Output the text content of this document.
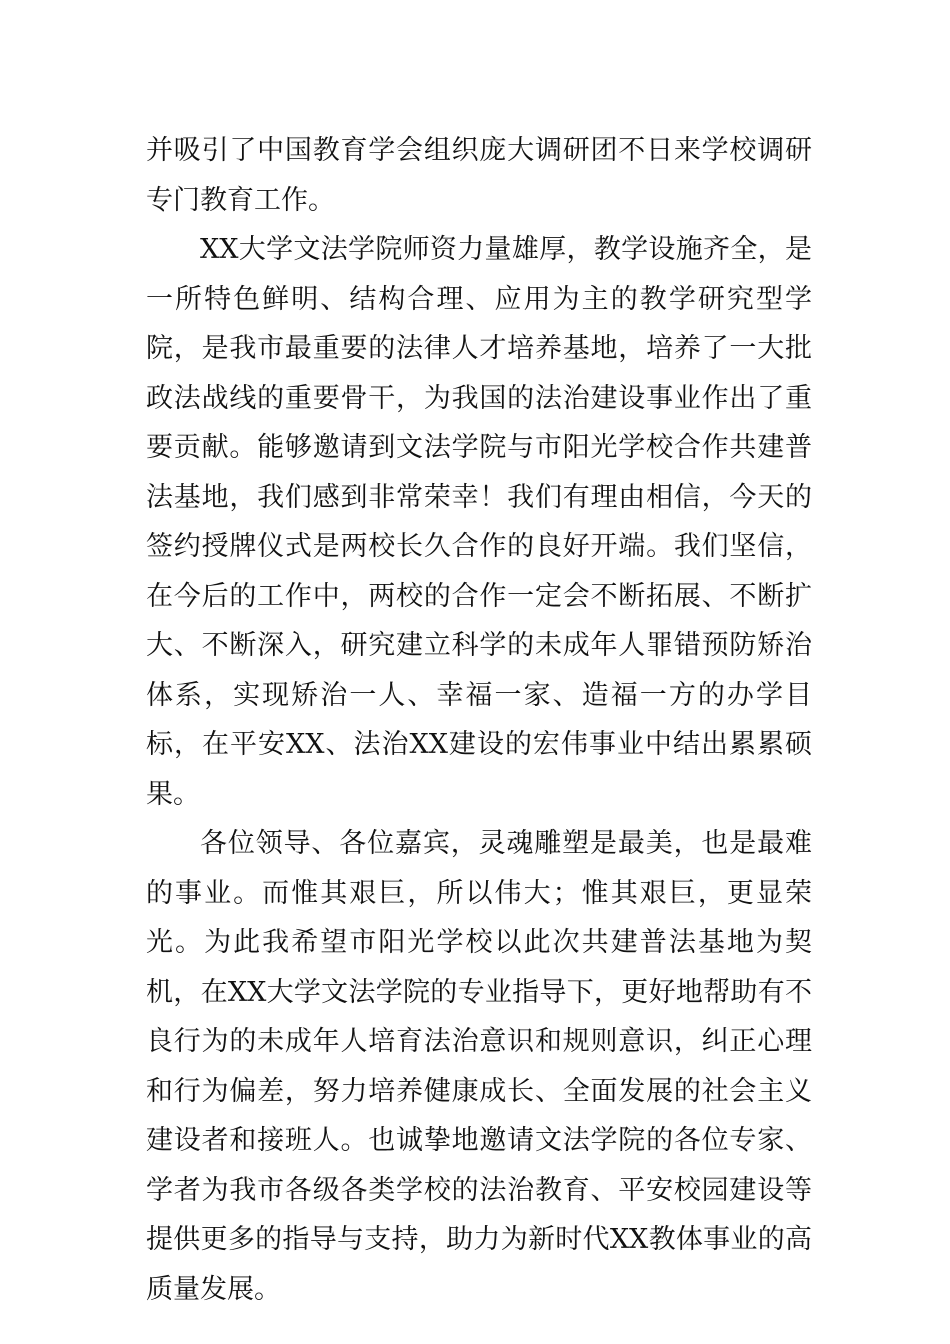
并吸引了中国教育学会组织庞大调研团不日来学校调研专门教育工作。

XX大学文法学院师资力量雄厚，教学设施齐全，是一所特色鲜明、结构合理、应用为主的教学研究型学院，是我市最重要的法律人才培养基地，培养了一大批政法战线的重要骨干，为我国的法治建设事业作出了重要贡献。能够邀请到文法学院与市阳光学校合作共建普法基地，我们感到非常荣幸！我们有理由相信，今天的签约授牌仪式是两校长久合作的良好开端。我们坚信，在今后的工作中，两校的合作一定会不断拓展、不断扩大、不断深入，研究建立科学的未成年人罪错预防矫治体系，实现矫治一人、幸福一家、造福一方的办学目标，在平安XX、法治XX建设的宏伟事业中结出累累硕果。

各位领导、各位嘉宾，灵魂雕塑是最美，也是最难的事业。而惟其艰巨，所以伟大；惟其艰巨，更显荣光。为此我希望市阳光学校以此次共建普法基地为契机，在XX大学文法学院的专业指导下，更好地帮助有不良行为的未成年人培育法治意识和规则意识，纠正心理和行为偏差，努力培养健康成长、全面发展的社会主义建设者和接班人。也诚挚地邀请文法学院的各位专家、学者为我市各级各类学校的法治教育、平安校园建设等提供更多的指导与支持，助力为新时代XX教体事业的高质量发展。
